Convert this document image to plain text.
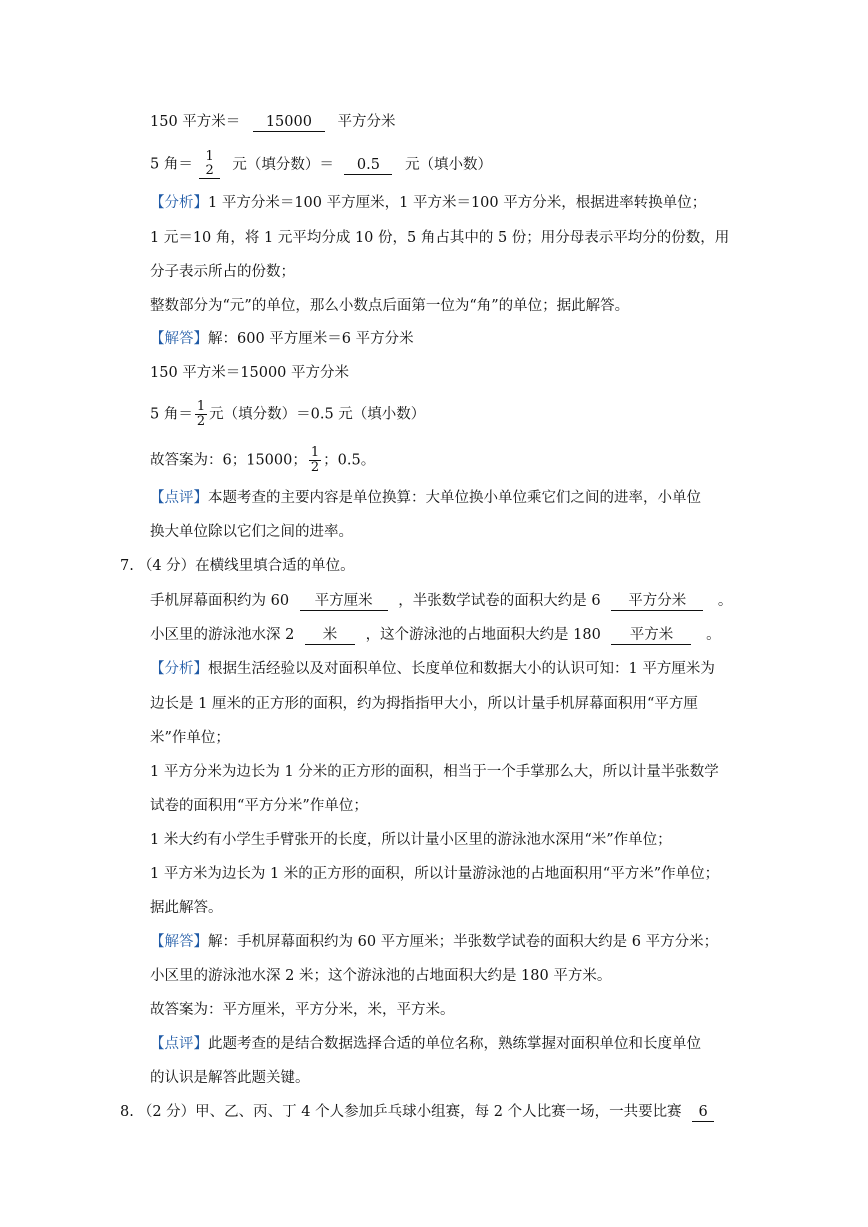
150 平方米＝ 15000 平方分米
5 角＝ 1
2 元（填分数）＝ 0.5 元（填小数）
【分析】1 平方分米＝100 平方厘米，1 平方米＝100 平方分米，根据进率转换单位；
1 元＝10 角，将 1 元平均分成 10 份，5 角占其中的 5 份；用分母表示平均分的份数，用
分子表示所占的份数；
整数部分为“元”的单位，那么小数点后面第一位为“角”的单位；据此解答。
【解答】解：600 平方厘米＝6 平方分米
150 平方米＝15000 平方分米
5 角＝ $\frac{1}{2}$ 元（填分数）＝0.5 元（填小数）
故答案为：6；15000； $\frac{1}{2}$ ；0.5。
【点评】本题考查的主要内容是单位换算：大单位换小单位乘它们之间的进率，小单位
换大单位除以它们之间的进率。
7. （4 分）在横线里填合适的单位。
手机屏幕面积约为 60 平方厘米 ，半张数学试卷的面积大约是 6 平方分米 。
小区里的游泳池水深 2 米 ，这个游泳池的占地面积大约是 180 平方米 。
【分析】根据生活经验以及对面积单位、长度单位和数据大小的认识可知：1 平方厘米为
边长是 1 厘米的正方形的面积，约为拇指指甲大小，所以计量手机屏幕面积用“平方厘
米”作单位；
1 平方分米为边长为 1 分米的正方形的面积，相当于一个手掌那么大，所以计量半张数学
试卷的面积用“平方分米”作单位；
1 米大约有小学生手臂张开的长度，所以计量小区里的游泳池水深用“米”作单位；
1 平方米为边长为 1 米的正方形的面积，所以计量游泳池的占地面积用“平方米”作单位；
据此解答。
【解答】解：手机屏幕面积约为 60 平方厘米；半张数学试卷的面积大约是 6 平方分米；
小区里的游泳池水深 2 米；这个游泳池的占地面积大约是 180 平方米。
故答案为：平方厘米，平方分米，米，平方米。
【点评】此题考查的是结合数据选择合适的单位名称，熟练掌握对面积单位和长度单位
的认识是解答此题关键。
8. （2 分）甲、乙、丙、丁 4 个人参加乒乓球小组赛，每 2 个人比赛一场，一共要比赛 6
